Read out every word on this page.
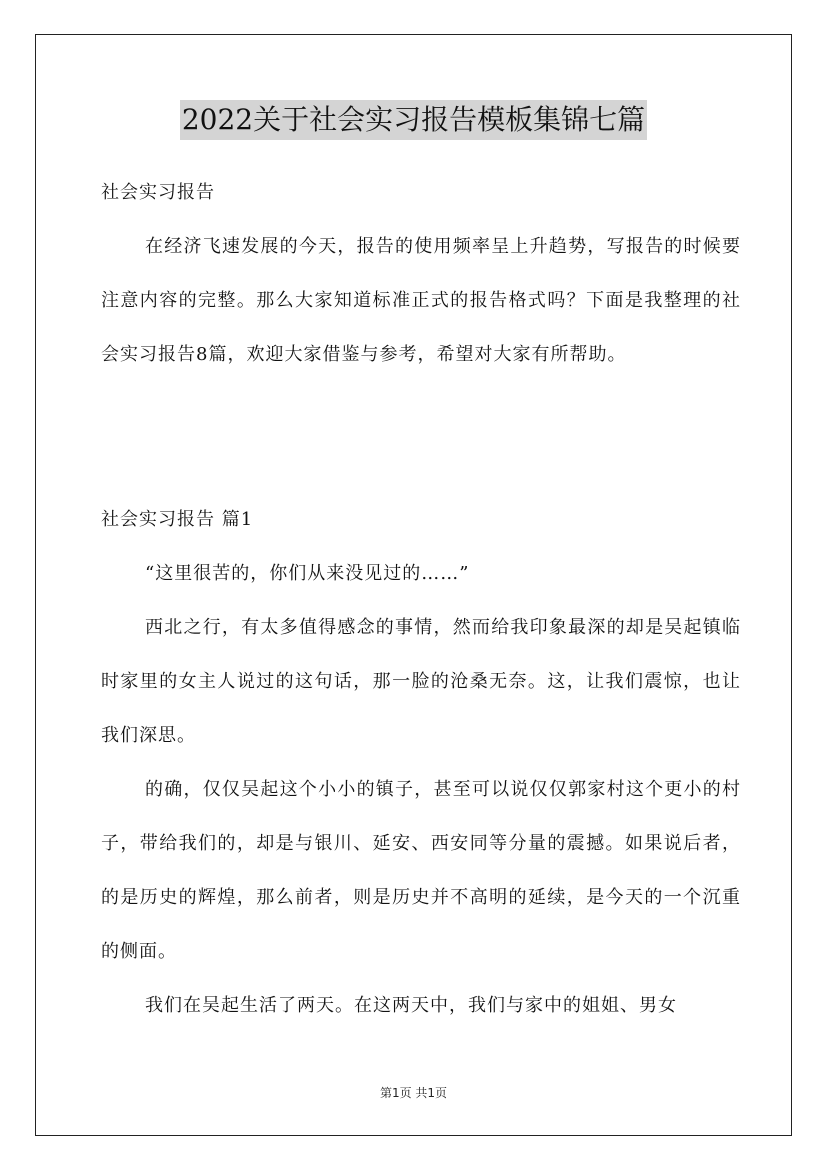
2022关于社会实习报告模板集锦七篇
社会实习报告
在经济飞速发展的今天，报告的使用频率呈上升趋势，写报告的时候要注意内容的完整。那么大家知道标准正式的报告格式吗？下面是我整理的社会实习报告8篇，欢迎大家借鉴与参考，希望对大家有所帮助。
社会实习报告 篇1
“这里很苦的，你们从来没见过的……”
西北之行，有太多值得感念的事情，然而给我印象最深的却是吴起镇临时家里的女主人说过的这句话，那一脸的沧桑无奈。这，让我们震惊，也让我们深思。
的确，仅仅吴起这个小小的镇子，甚至可以说仅仅郭家村这个更小的村子，带给我们的，却是与银川、延安、西安同等分量的震撼。如果说后者，的是历史的辉煌，那么前者，则是历史并不高明的延续，是今天的一个沉重的侧面。
我们在吴起生活了两天。在这两天中，我们与家中的姐姐、男女
第1页 共1页
